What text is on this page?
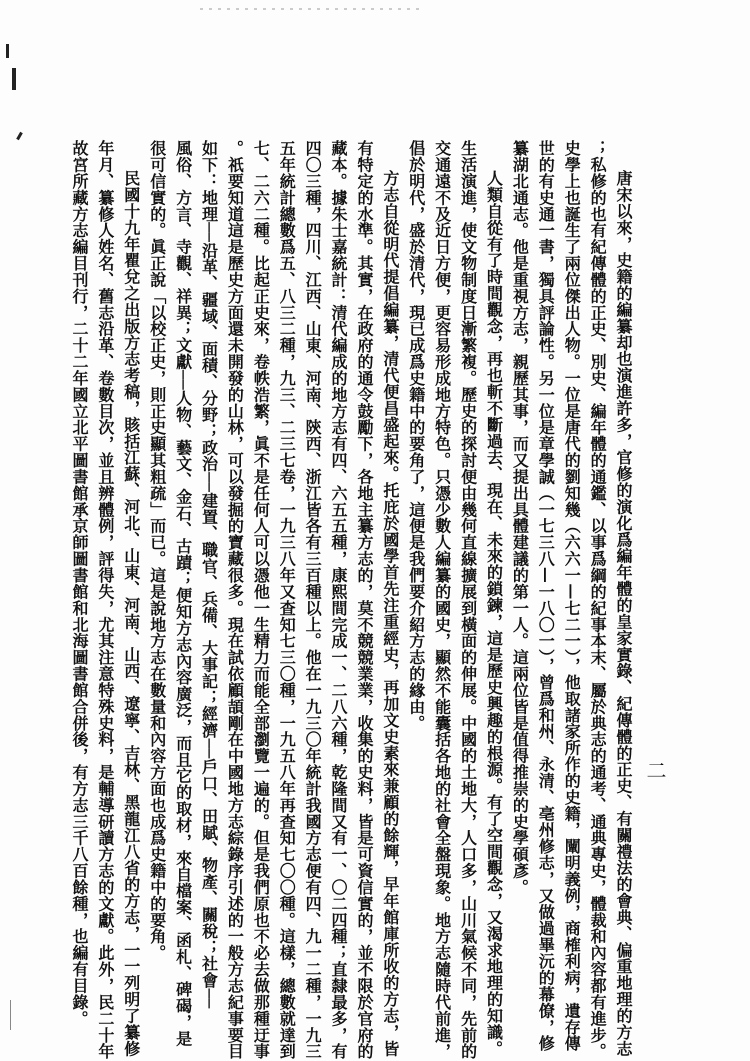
唐宋以來，史籍的編纂却也演進許多，官修的演化爲編年體的皇家實錄、紀傳體的正史、有關禮法的會典、偏重地理的方志
；私修的也有紀傳體的正史、別史、編年體的通鑑、以事爲綱的紀事本末、屬於典志的通考、通典專史，體裁和內容都有進步。
史學上也誕生了兩位傑出人物。一位是唐代的劉知幾（六六一—七二一），他取諸家所作的史籍，闡明義例，商榷利病，遺存傳
世的有史通一書，獨具評論性。另一位是章學誠（一七三八—一八〇一），曾爲和州、永清、亳州修志，又做過畢沅的幕僚，修
纂湖北通志。他是重視方志，親歷其事，而又提出具體建議的第一人。這兩位皆是值得推崇的史學碩彥。
人類自從有了時間觀念，再也斬不斷過去、現在、未來的鎖鍊，這是歷史興趣的根源。有了空間觀念，又渴求地理的知識。
生活演進，使文物制度日漸繁複。歷史的探討便由幾何直線擴展到橫面的伸展。中國的土地大，人口多，山川氣候不同，先前的
交通遠不及近日方便，更容易形成地方特色。只憑少數人編纂的國史，顯然不能囊括各地的社會全盤現象。地方志隨時代前進，
倡於明代，盛於清代，現已成爲史籍中的要角了，這便是我們要介紹方志的緣由。
方志自從明代提倡編纂，清代便昌盛起來。托庇於國學首先注重經史，再加文史素來兼顧的餘輝，早年館庫所收的方志，皆
有特定的水準。其實，在政府的通令鼓勵下，各地主纂方志的，莫不競競業業，收集的史料，皆是可資信實的，並不限於官府的
藏本。據朱士嘉統計：清代編成的地方志有四、六五五種，康熙間完成一、二八六種，乾隆間又有一、〇二四種；直隸最多，有
四〇三種，四川、江西、山東、河南、陝西、浙江皆各有三百種以上。他在一九三〇年統計我國方志便有四、九一二種，一九三
五年統計總數爲五、八三二種，九三、二三七卷，一九三八年又查知七三〇種，一九五八年再查知七〇〇種。這樣，總數就達到
七、二六二種。比起正史來，卷帙浩繁，眞不是任何人可以憑他一生精力而能全部瀏覽一遍的。但是我們原也不必去做那種迂事
。祇要知道這是歷史方面還未開發的山林，可以發掘的寶藏很多。現在試依顧頡剛在中國地方志綜錄序引述的一般方志紀事要目
如下：地理──沿革、疆域、面積、分野；政治──建置、職官、兵備、大事記；經濟──戶口、田賦、物產、關稅；社會──
風俗、方言、寺觀、祥異；文獻──人物、藝文、金石、古蹟；便知方志內容廣泛，而且它的取材，來自檔案、函札、碑碣，是
很可信實的。眞正說「以校正史，則正史顯其粗疏」而已。這是說地方志在數量和內容方面也成爲史籍中的要角。
民國十九年瞿兌之出版方志考稿，賅括江蘇、河北、山東、河南、山西、遼寧、吉林、黑龍江八省的方志，一一列明了纂修
年月、纂修人姓名、舊志沿革、卷數目次，並且辨體例，評得失，尤其注意特殊史料，是輔導研讀方志的文獻。此外，民二十年
故宮所藏方志編目刊行，二十二年國立北平圖書館承京師圖書館和北海圖書館合併後，有方志三千八百餘種，也編有目錄。	二
